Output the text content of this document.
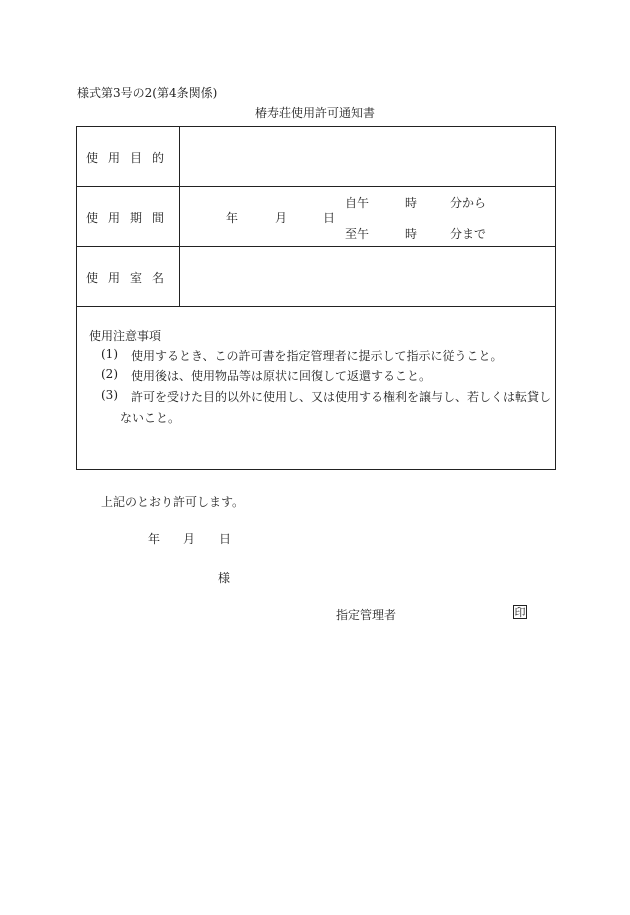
様式第3号の2(第4条関係)
椿寿荘使用許可通知書
使用目的
使用期間	年	月	日
自午	時	分から
至午	時	分まで
使用室名
使用注意事項
(1) 使用するとき、この許可書を指定管理者に提示して指示に従うこと。
(2) 使用後は、使用物品等は原状に回復して返還すること。
(3) 許可を受けた目的以外に使用し、又は使用する権利を譲与し、若しくは転貸し
ないこと。
上記のとおり許可します。
年 月 日
様
指定管理者	印
